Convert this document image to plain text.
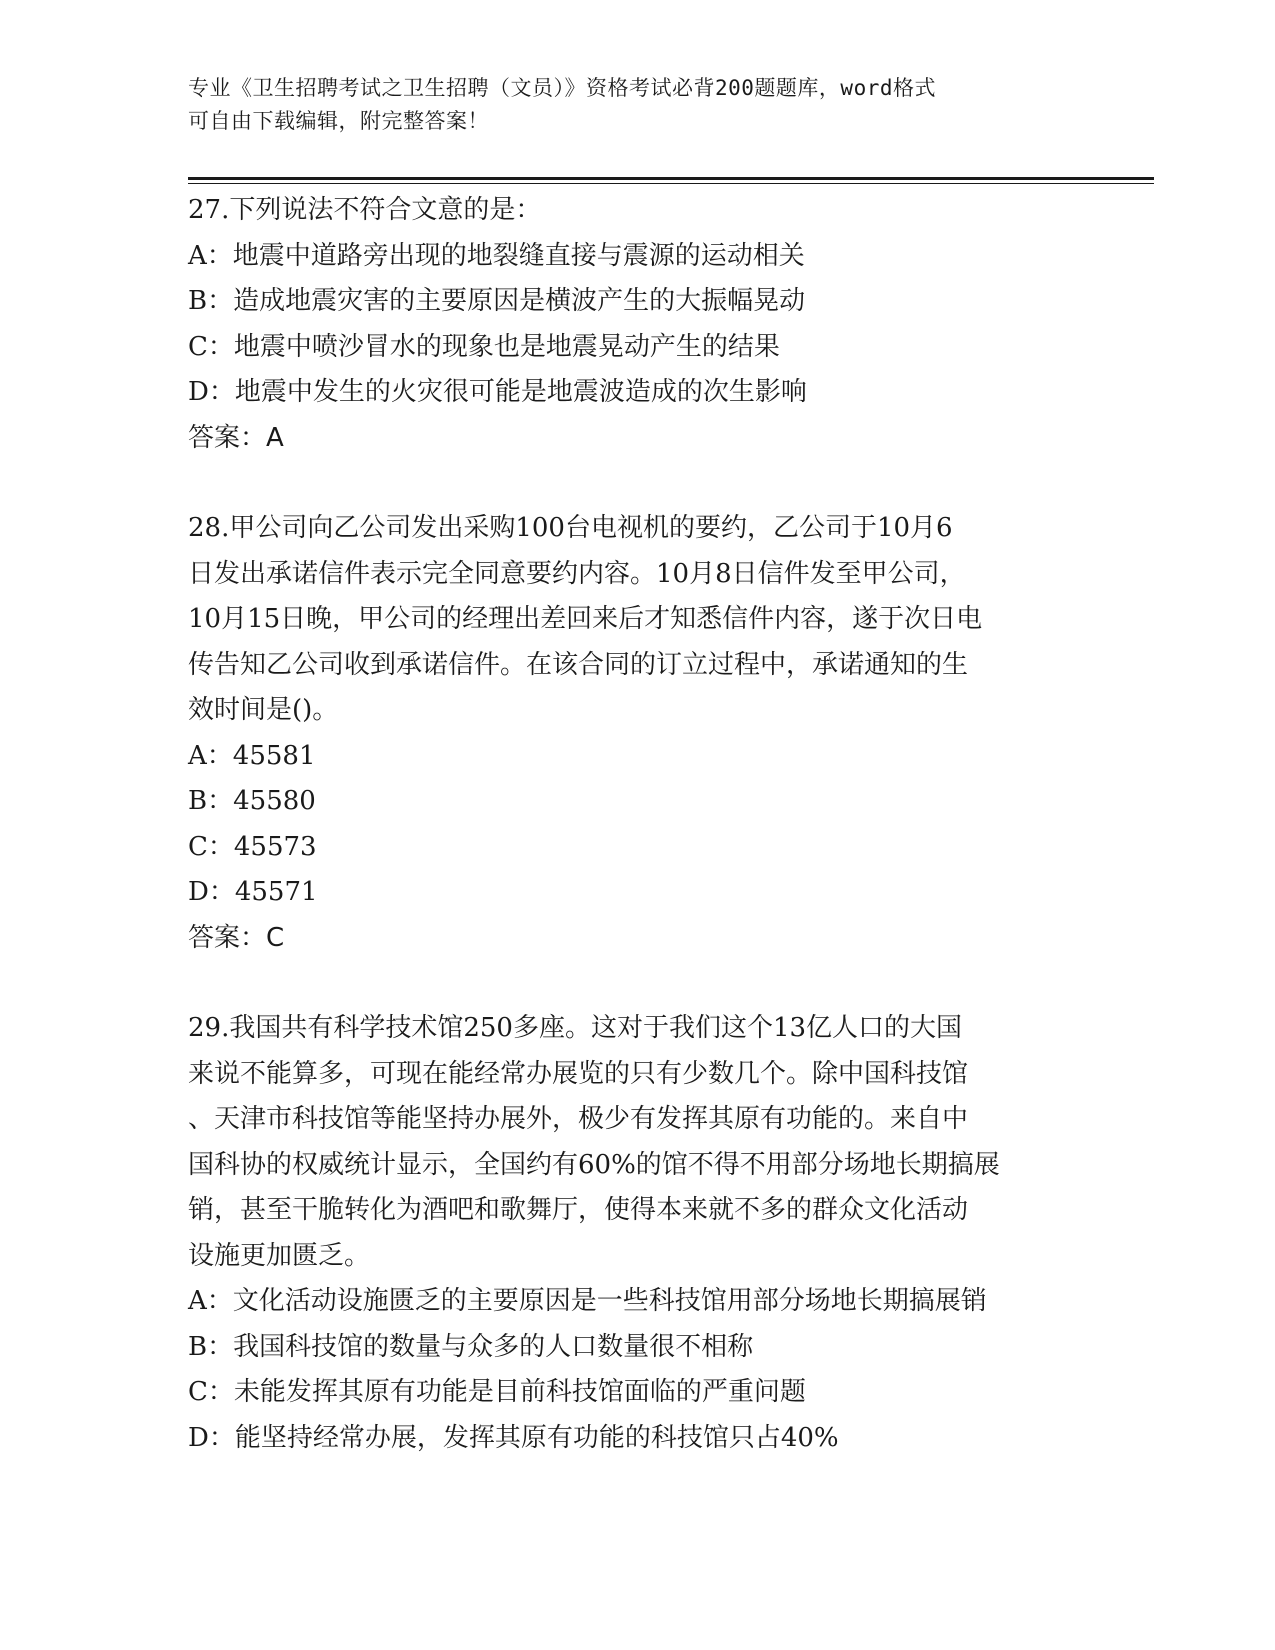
专业《卫生招聘考试之卫生招聘（文员）》资格考试必背200题题库，word格式
可自由下载编辑，附完整答案！
27.下列说法不符合文意的是：
A：地震中道路旁出现的地裂缝直接与震源的运动相关
B：造成地震灾害的主要原因是横波产生的大振幅晃动
C：地震中喷沙冒水的现象也是地震晃动产生的结果
D：地震中发生的火灾很可能是地震波造成的次生影响
答案：A
28.甲公司向乙公司发出采购100台电视机的要约，乙公司于10月6
日发出承诺信件表示完全同意要约内容。10月8日信件发至甲公司，
10月15日晚，甲公司的经理出差回来后才知悉信件内容，遂于次日电
传告知乙公司收到承诺信件。在该合同的订立过程中，承诺通知的生
效时间是()。
A：45581
B：45580
C：45573
D：45571
答案：C
29.我国共有科学技术馆250多座。这对于我们这个13亿人口的大国
来说不能算多，可现在能经常办展览的只有少数几个。除中国科技馆
、天津市科技馆等能坚持办展外，极少有发挥其原有功能的。来自中
国科协的权威统计显示，全国约有60%的馆不得不用部分场地长期搞展
销，甚至干脆转化为酒吧和歌舞厅，使得本来就不多的群众文化活动
设施更加匮乏。
A：文化活动设施匮乏的主要原因是一些科技馆用部分场地长期搞展销
B：我国科技馆的数量与众多的人口数量很不相称
C：未能发挥其原有功能是目前科技馆面临的严重问题
D：能坚持经常办展，发挥其原有功能的科技馆只占40%
